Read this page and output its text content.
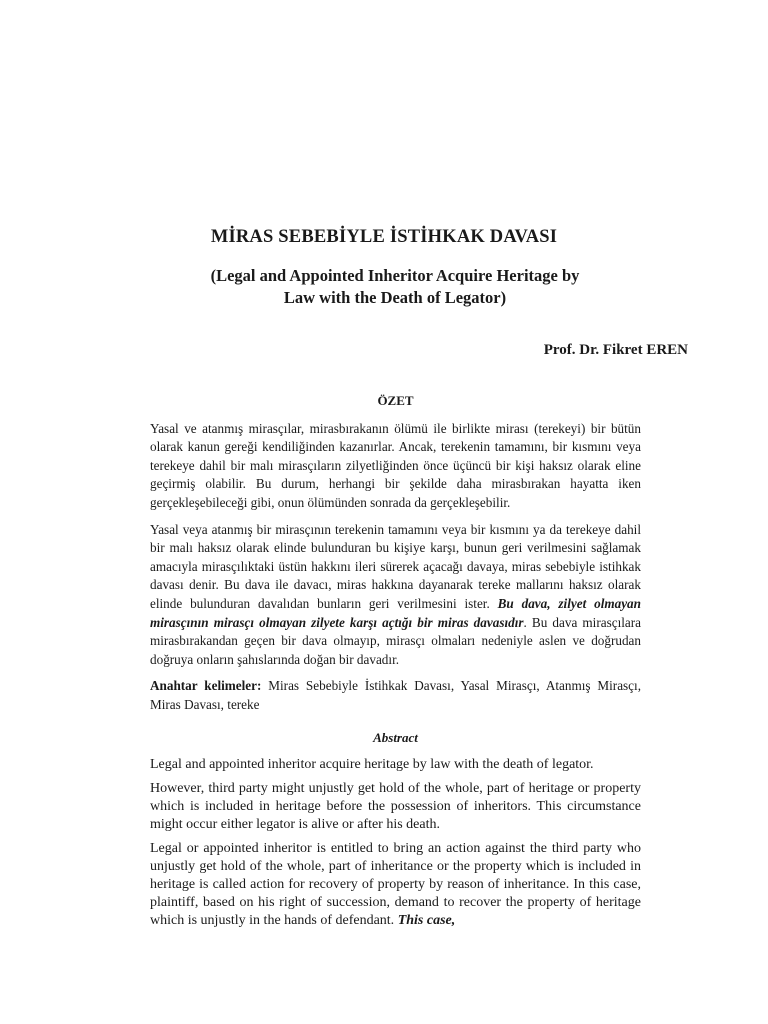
MİRAS SEBEBİYLE İSTİHKAK DAVASI
(Legal and Appointed Inheritor Acquire Heritage by
Law with the Death of Legator)
Prof. Dr. Fikret EREN
ÖZET

Yasal ve atanmış mirasçılar, mirasbırakanın ölümü ile birlikte mirası (terekeyi) bir bütün olarak kanun gereği kendiliğinden kazanırlar. Ancak, terekenin tamamını, bir kısmını veya terekeye dahil bir malı mirasçıların zilyetliğinden önce üçüncü bir kişi haksız olarak eline geçirmiş olabilir. Bu durum, herhangi bir şekilde daha mirasbırakan hayatta iken gerçekleşebileceği gibi, onun ölümünden sonrada da gerçekleşebilir.

Yasal veya atanmış bir mirasçının terekenin tamamını veya bir kısmını ya da terekeye dahil bir malı haksız olarak elinde bulunduran bu kişiye karşı, bunun geri verilmesini sağlamak amacıyla mirasçılıktaki üstün hakkını ileri sürerek açacağı davaya, miras sebebiyle istihkak davası denir. Bu dava ile davacı, miras hakkına dayanarak tereke mallarını haksız olarak elinde bulunduran davalıdan bunların geri verilmesini ister. Bu dava, zilyet olmayan mirasçının mirasçı olmayan zilyete karşı açtığı bir miras davasıdır. Bu dava mirasçılara mirasbırakandan geçen bir dava olmayıp, mirasçı olmaları nedeniyle aslen ve doğrudan doğruya onların şahıslarında doğan bir davadır.

Anahtar kelimeler: Miras Sebebiyle İstihkak Davası, Yasal Mirasçı, Atanmış Mirasçı, Miras Davası, tereke

Abstract

Legal and appointed inheritor acquire heritage by law with the death of legator.

However, third party might unjustly get hold of the whole, part of heritage or property which is included in heritage before the possession of inheritors. This circumstance might occur either legator is alive or after his death.

Legal or appointed inheritor is entitled to bring an action against the third party who unjustly get hold of the whole, part of inheritance or the property which is included in heritage is called action for recovery of property by reason of inheritance. In this case, plaintiff, based on his right of succession, demand to recover the property of heritage which is unjustly in the hands of defendant. This case,
